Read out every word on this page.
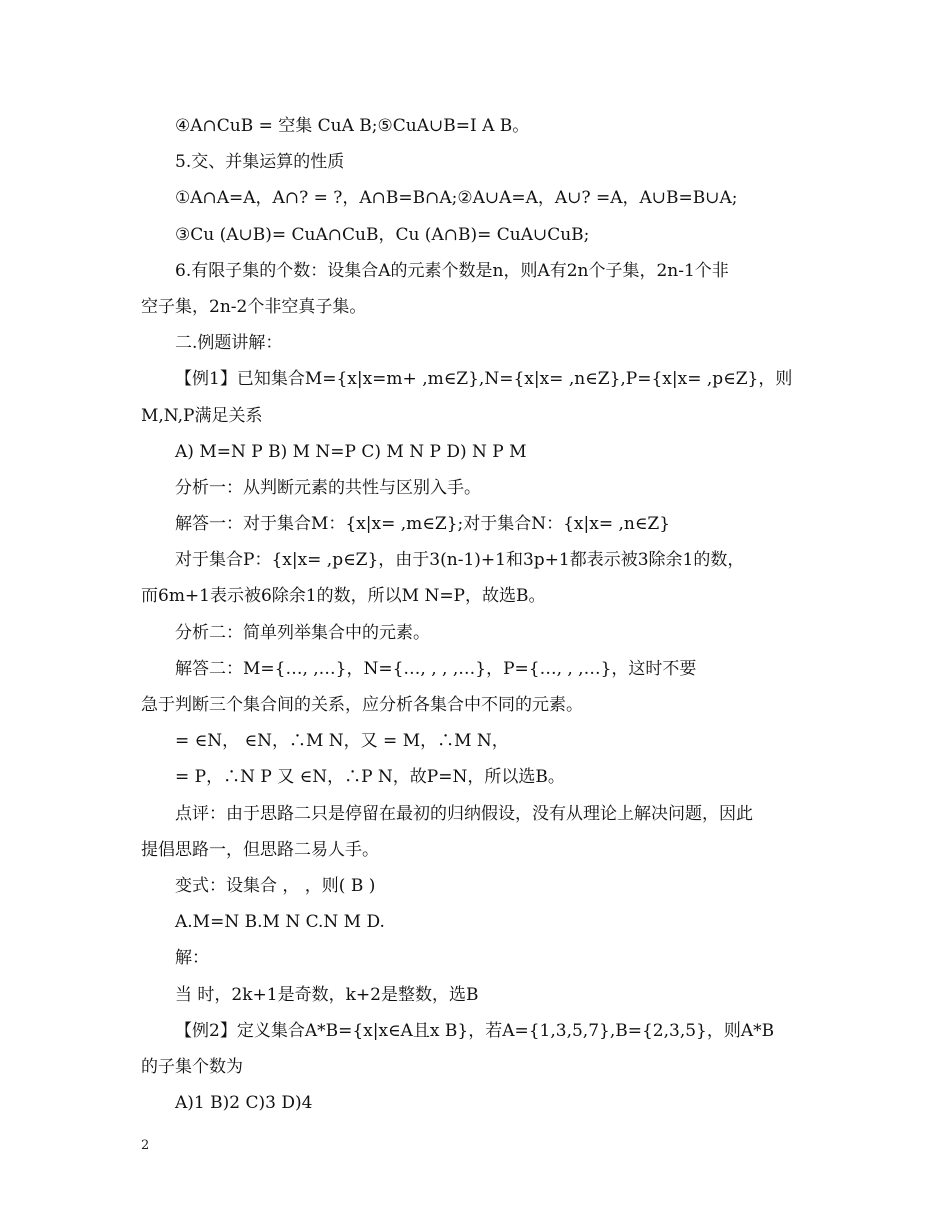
④A∩CuB = 空集 CuA B;⑤CuA∪B=I A B。
5.交、并集运算的性质
①A∩A=A，A∩? = ?，A∩B=B∩A;②A∪A=A，A∪? =A，A∪B=B∪A;
③Cu (A∪B)= CuA∩CuB，Cu (A∩B)= CuA∪CuB;
6.有限子集的个数：设集合A的元素个数是n，则A有2n个子集，2n-1个非
空子集，2n-2个非空真子集。
二.例题讲解：
【例1】已知集合M={x|x=m+ ,m∈Z},N={x|x= ,n∈Z},P={x|x= ,p∈Z}，则
M,N,P满足关系
A) M=N P B) M N=P C) M N P D) N P M
分析一：从判断元素的共性与区别入手。
解答一：对于集合M：{x|x= ,m∈Z};对于集合N：{x|x= ,n∈Z}
对于集合P：{x|x= ,p∈Z}，由于3(n-1)+1和3p+1都表示被3除余1的数，
而6m+1表示被6除余1的数，所以M N=P，故选B。
分析二：简单列举集合中的元素。
解答二：M={…, ,…}，N={…, , , ,…}，P={…, , ,…}，这时不要
急于判断三个集合间的关系，应分析各集合中不同的元素。
= ∈N， ∈N，∴M N，又 = M，∴M N，
= P，∴N P 又 ∈N，∴P N，故P=N，所以选B。
点评：由于思路二只是停留在最初的归纳假设，没有从理论上解决问题，因此
提倡思路一，但思路二易人手。
变式：设集合 ， ，则( B )
A.M=N B.M N C.N M D.
解：
当 时，2k+1是奇数，k+2是整数，选B
【例2】定义集合A*B={x|x∈A且x B}，若A={1,3,5,7},B={2,3,5}，则A*B
的子集个数为
A)1 B)2 C)3 D)4
2
